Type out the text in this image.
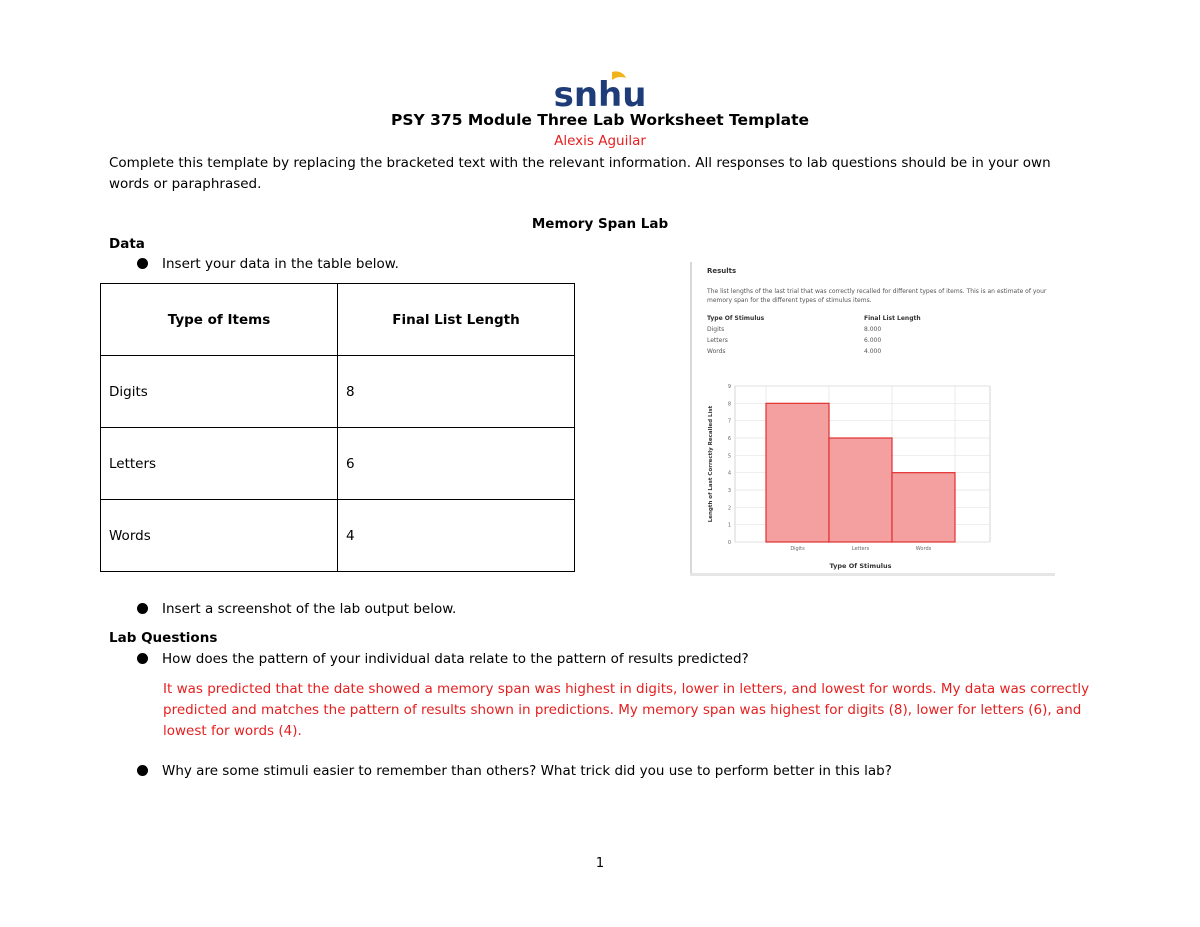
snhu
PSY 375 Module Three Lab Worksheet Template
Alexis Aguilar
Complete this template by replacing the bracketed text with the relevant information. All responses to lab questions should be in your own words or paraphrased.
Memory Span Lab
Data
Insert your data in the table below.
Type of Items	Final List Length
Digits	8
Letters	6
Words	4
Results
The list lengths of the last trial that was correctly recalled for different types of items. This is an estimate of your memory span for the different types of stimulus items.
Type Of Stimulus	Final List Length
Digits	8.000
Letters	6.000
Words	4.000
0
1
2
3
4
5
6
7
8
9
Digits	Letters	Words
Type Of Stimulus
Length of Last Correctly Recalled List
Insert a screenshot of the lab output below.
Lab Questions
How does the pattern of your individual data relate to the pattern of results predicted?
It was predicted that the date showed a memory span was highest in digits, lower in letters, and lowest for words. My data was correctly predicted and matches the pattern of results shown in predictions. My memory span was highest for digits (8), lower for letters (6), and lowest for words (4).
Why are some stimuli easier to remember than others? What trick did you use to perform better in this lab?
1
